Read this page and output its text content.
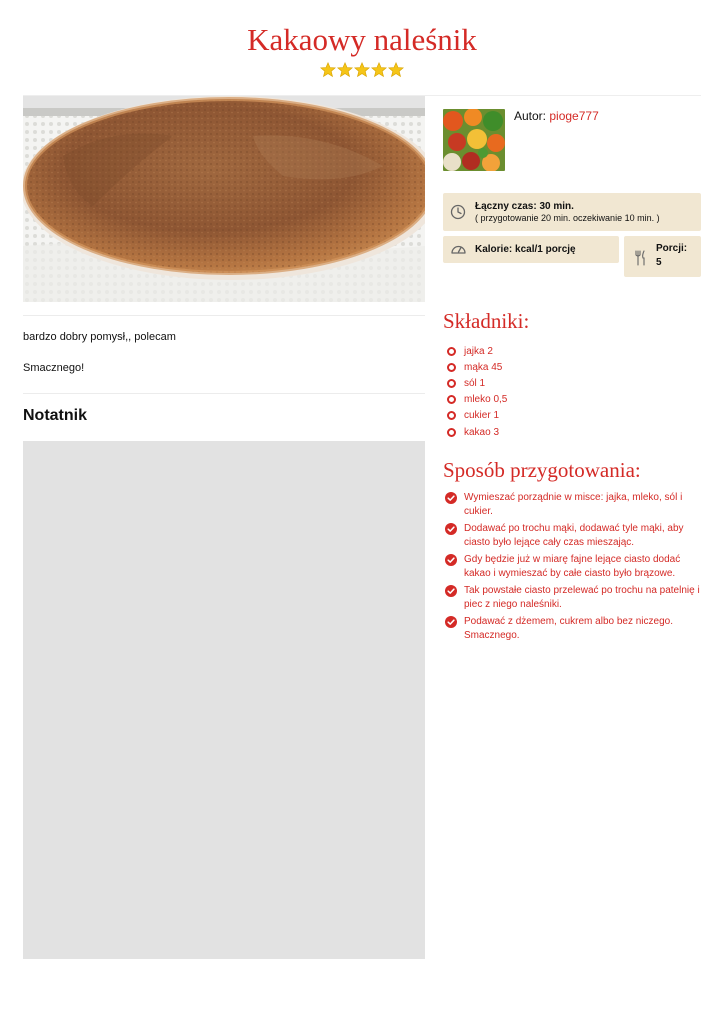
Kakaowy naleśnik

bardzo dobry pomysł,, polecam

Smacznego!

Notatnik
Autor: pioge777
Łączny czas: 30 min.
( przygotowanie 20 min. oczekiwanie 10 min. )
Kalorie: kcal/1 porcję	Porcji:
5
Składniki:
jajka 2
mąka 45
sól 1
mleko 0,5
cukier 1
kakao 3
Sposób przygotowania:
Wymieszać porządnie w misce: jajka, mleko, sól i cukier.
Dodawać po trochu mąki, dodawać tyle mąki, aby ciasto było lejące cały czas mieszając.
Gdy będzie już w miarę fajne lejące ciasto dodać kakao i wymieszać by całe ciasto było brązowe.
Tak powstałe ciasto przelewać po trochu na patelnię i piec z niego naleśniki.
Podawać z dżemem, cukrem albo bez niczego. Smacznego.
